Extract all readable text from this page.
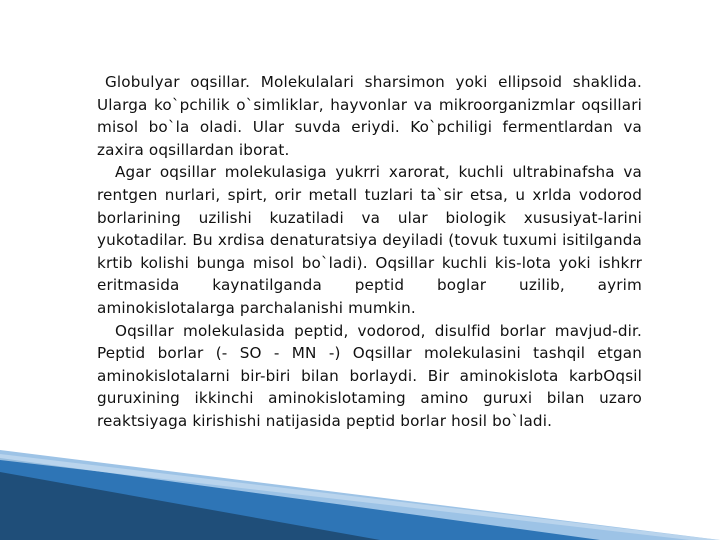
Globulyar oqsillar. Molekulalari sharsimon yoki ellipsoid shaklida. Ularga ko`pchilik o`simliklar, hayvonlar va mikroorganizmlar oqsillari misol bo`la oladi. Ular suvda eriydi. Ko`pchiligi fermentlardan va zaxira oqsillardan iborat.

Agar oqsillar molekulasiga yukrri xarorat, kuchli ultrabinafsha va rentgen nurlari, spirt, orir metall tuzlari ta`sir etsa, u xrlda vodorod borlarining uzilishi kuzatiladi va ular biologik xususiyat-larini yukotadilar. Bu xrdisa denaturatsiya deyiladi (tovuk tuxumi isitilganda krtib kolishi bunga misol bo`ladi). Oqsillar kuchli kis-lota yoki ishkrr eritmasida kaynatilganda peptid boglar uzilib, ayrim aminokislotalarga parchalanishi mumkin.

Oqsillar molekulasida peptid, vodorod, disulfid borlar mavjud-dir. Peptid borlar (- SO - MN -) Oqsillar molekulasini tashqil etgan aminokislotalarni bir-biri bilan borlaydi. Bir aminokislota karbOqsil guruxining ikkinchi aminokislotaming amino guruxi bilan uzaro reaktsiyaga kirishishi natijasida peptid borlar hosil bo`ladi.
